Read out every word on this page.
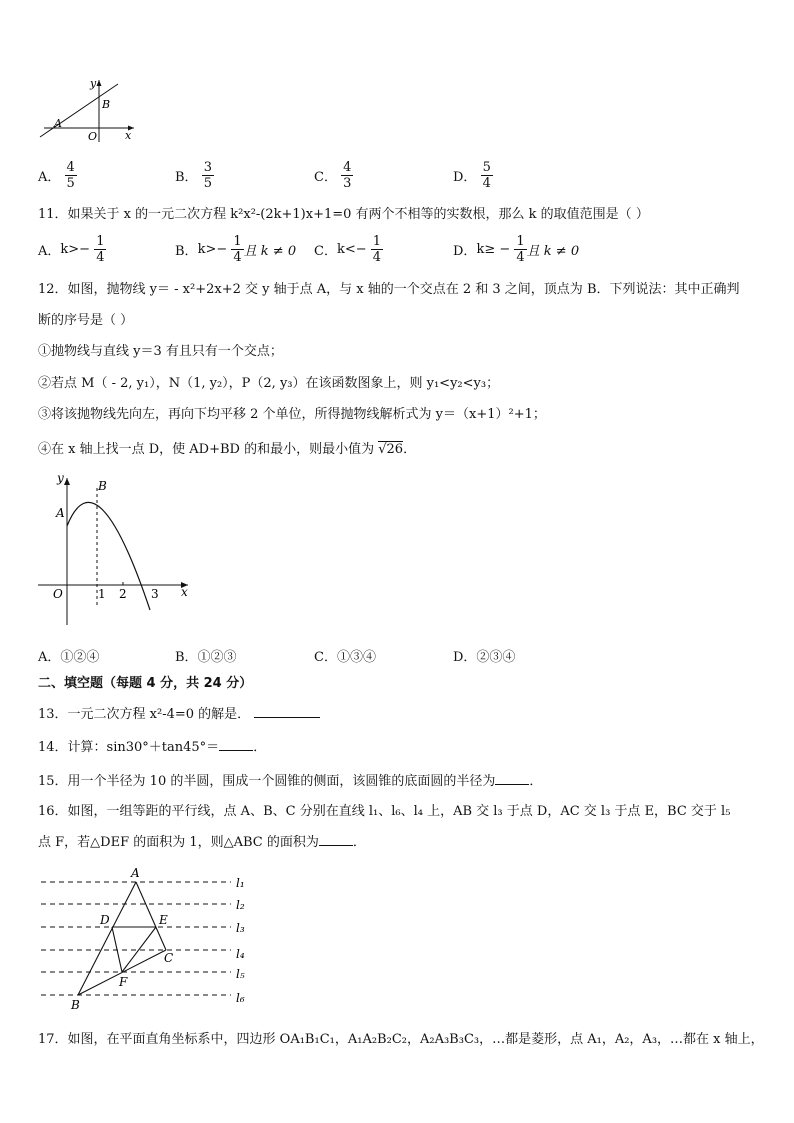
y
B
A
O	x
A． $\frac{4}{5}$	B． $\frac{3}{5}$	C． $\frac{4}{3}$	D． $\frac{5}{4}$
11．如果关于 x 的一元二次方程 k²x²-(2k+1)x+1=0 有两个不相等的实数根，那么 k 的取值范围是（ ）
A．$k>- \frac{1}{4}$	B．$k>- \frac{1}{4}$ 且 k ≠ 0 C．$k<- \frac{1}{4}$	D．$k\ge - \frac{1}{4}$ 且 k ≠ 0
12．如图，抛物线 y＝ - x²+2x+2 交 y 轴于点 A，与 x 轴的一个交点在 2 和 3 之间，顶点为 B．下列说法：其中正确判
断的序号是（ ）
①抛物线与直线 y＝3 有且只有一个交点；
②若点 M（ - 2, y₁），N（1, y₂），P（2, y₃）在该函数图象上，则 y₁<y₂<y₃；
③将该抛物线先向左，再向下均平移 2 个单位，所得抛物线解析式为 y＝（x+1）²+1；
④在 x 轴上找一点 D，使 AD+BD 的和最小，则最小值为 √26．
y
B
A
O	1 2 3 x
A．①②④	B．①②③	C．①③④	D．②③④
二、填空题（每题 4 分，共 24 分）
13．一元二次方程 x²-4=0 的解是．
14．计算：sin30°＋tan45°＝	．
15．用一个半径为 10 的半圆，围成一个圆锥的侧面，该圆锥的底面圆的半径为	．
16．如图，一组等距的平行线，点 A、B、C 分别在直线 l₁、l₆、l₄ 上，AB 交 l₃ 于点 D，AC 交 l₃ 于点 E，BC 交于 l₅
点 F，若△DEF 的面积为 1，则△ABC 的面积为	．
A
D	E
C
F
B
l₁
l₂
l₃
l₄
l₅
l₆
17．如图，在平面直角坐标系中，四边形 OA₁B₁C₁，A₁A₂B₂C₂，A₂A₃B₃C₃，…都是菱形，点 A₁，A₂，A₃，…都在 x 轴上，
